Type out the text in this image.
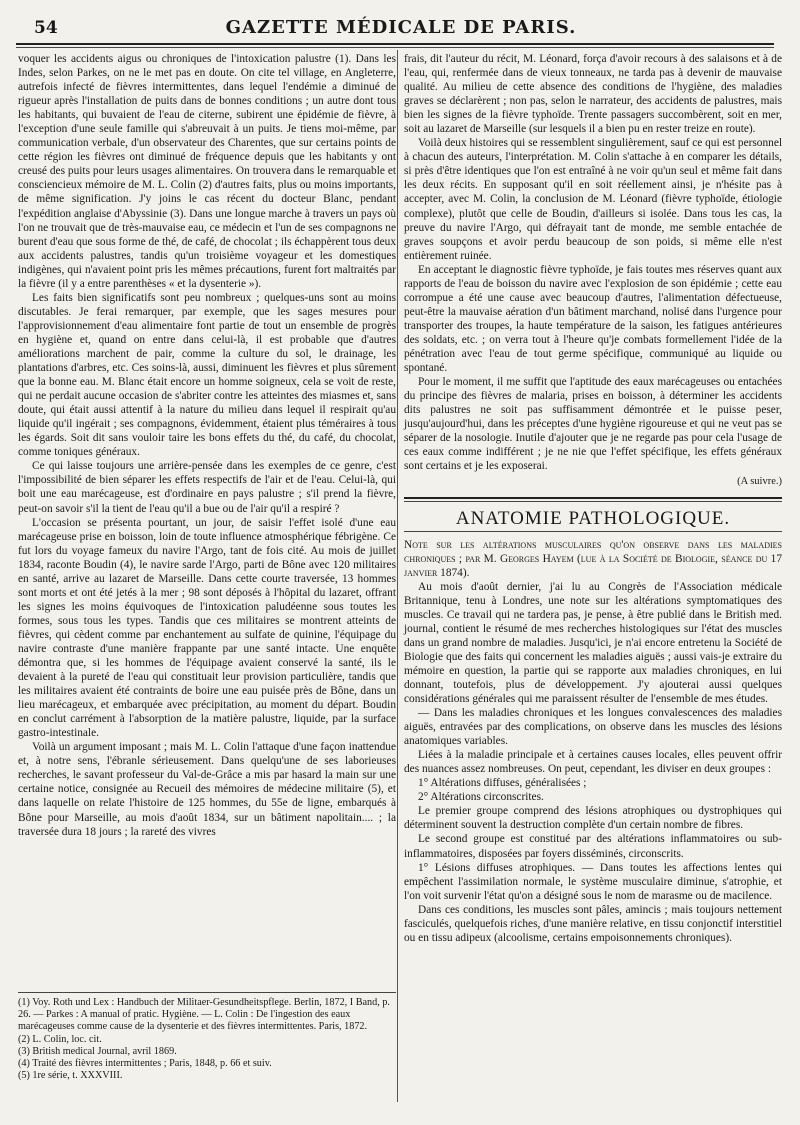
54	GAZETTE MÉDICALE DE PARIS.

voquer les accidents aigus ou chroniques de l'intoxication palustre (1). Dans les Indes, selon Parkes, on ne le met pas en doute. On cite tel village, en Angleterre, autrefois infecté de fièvres intermittentes, dans lequel l'endémie a diminué de rigueur après l'installation de puits dans de bonnes conditions ; un autre dont tous les habitants, qui buvaient de l'eau de citerne, subirent une épidémie de fièvre, à l'exception d'une seule famille qui s'abreuvait à un puits. Je tiens moi-même, par communication verbale, d'un observateur des Charentes, que sur certains points de cette région les fièvres ont diminué de fréquence depuis que les habitants y ont creusé des puits pour leurs usages alimentaires. On trouvera dans le remarquable et consciencieux mémoire de M. L. Colin (2) d'autres faits, plus ou moins importants, de même signification. J'y joins le cas récent du docteur Blanc, pendant l'expédition anglaise d'Abyssinie (3). Dans une longue marche à travers un pays où l'on ne trouvait que de très-mauvaise eau, ce médecin et l'un de ses compagnons ne burent d'eau que sous forme de thé, de café, de chocolat ; ils échappèrent tous deux aux accidents palustres, tandis qu'un troisième voyageur et les domestiques indigènes, qui n'avaient point pris les mêmes précautions, furent fort maltraités par la fièvre (il y a entre parenthèses « et la dysenterie »).

Les faits bien significatifs sont peu nombreux ; quelques-uns sont au moins discutables. Je ferai remarquer, par exemple, que les sages mesures pour l'approvisionnement d'eau alimentaire font partie de tout un ensemble de progrès en hygiène et, quand on entre dans celui-là, il est probable que d'autres améliorations marchent de pair, comme la culture du sol, le drainage, les plantations d'arbres, etc. Ces soins-là, aussi, diminuent les fièvres et plus sûrement que la bonne eau. M. Blanc était encore un homme soigneux, cela se voit de reste, qui ne perdait aucune occasion de s'abriter contre les atteintes des miasmes et, sans doute, qui était aussi attentif à la nature du milieu dans lequel il respirait qu'au liquide qu'il ingérait ; ses compagnons, évidemment, étaient plus téméraires à tous les égards. Soit dit sans vouloir taire les bons effets du thé, du café, du chocolat, comme toniques généraux.

Ce qui laisse toujours une arrière-pensée dans les exemples de ce genre, c'est l'impossibilité de bien séparer les effets respectifs de l'air et de l'eau. Celui-là, qui boit une eau marécageuse, est d'ordinaire en pays palustre ; s'il prend la fièvre, peut-on savoir s'il la tient de l'eau qu'il a bue ou de l'air qu'il a respiré ?

L'occasion se présenta pourtant, un jour, de saisir l'effet isolé d'une eau marécageuse prise en boisson, loin de toute influence atmosphérique fébrigène. Ce fut lors du voyage fameux du navire l'Argo, tant de fois cité. Au mois de juillet 1834, raconte Boudin (4), le navire sarde l'Argo, parti de Bône avec 120 militaires en santé, arrive au lazaret de Marseille. Dans cette courte traversée, 13 hommes sont morts et ont été jetés à la mer ; 98 sont déposés à l'hôpital du lazaret, offrant les signes les moins équivoques de l'intoxication paludéenne sous toutes les formes, sous tous les types. Tandis que ces militaires se montrent atteints de fièvres, qui cèdent comme par enchantement au sulfate de quinine, l'équipage du navire contraste d'une manière frappante par une santé intacte. Une enquête démontra que, si les hommes de l'équipage avaient conservé la santé, ils le devaient à la pureté de l'eau qui constituait leur provision particulière, tandis que les militaires avaient été contraints de boire une eau puisée près de Bône, dans un lieu marécageux, et embarquée avec précipitation, au moment du départ. Boudin en conclut carrément à l'absorption de la matière palustre, liquide, par la surface gastro-intestinale.

Voilà un argument imposant ; mais M. L. Colin l'attaque d'une façon inattendue et, à notre sens, l'ébranle sérieusement. Dans quelqu'une de ses laborieuses recherches, le savant professeur du Val-de-Grâce a mis par hasard la main sur une certaine notice, consignée au Recueil des mémoires de médecine militaire (5), et dans laquelle on relate l'histoire de 125 hommes, du 55e de ligne, embarqués à Bône pour Marseille, au mois d'août 1834, sur un bâtiment napolitain.... ; la traversée dura 18 jours ; la rareté des vivres

(1) Voy. Roth und Lex : Handbuch der Militaer-Gesundheitspflege. Berlin, 1872, I Band, p. 26. — Parkes : A manual of pratic. Hygiène. — L. Colin : De l'ingestion des eaux marécageuses comme cause de la dysenterie et des fièvres intermittentes. Paris, 1872.
(2) L. Colin, loc. cit.
(3) British medical Journal, avril 1869.
(4) Traité des fièvres intermittentes ; Paris, 1848, p. 66 et suiv.
(5) 1re série, t. XXXVIII.

frais, dit l'auteur du récit, M. Léonard, força d'avoir recours à des salaisons et à de l'eau, qui, renfermée dans de vieux tonneaux, ne tarda pas à devenir de mauvaise qualité. Au milieu de cette absence des conditions de l'hygiène, des maladies graves se déclarèrent ; non pas, selon le narrateur, des accidents de palustres, mais bien les signes de la fièvre typhoïde. Trente passagers succombèrent, soit en mer, soit au lazaret de Marseille (sur lesquels il a bien pu en rester treize en route).

Voilà deux histoires qui se ressemblent singulièrement, sauf ce qui est personnel à chacun des auteurs, l'interprétation. M. Colin s'attache à en comparer les détails, si près d'être identiques que l'on est entraîné à ne voir qu'un seul et même fait dans les deux récits. En supposant qu'il en soit réellement ainsi, je n'hésite pas à accepter, avec M. Colin, la conclusion de M. Léonard (fièvre typhoïde, étiologie complexe), plutôt que celle de Boudin, d'ailleurs si isolée. Dans tous les cas, la preuve du navire l'Argo, qui défrayait tant de monde, me semble entachée de graves soupçons et avoir perdu beaucoup de son poids, si même elle n'est entièrement ruinée.

En acceptant le diagnostic fièvre typhoïde, je fais toutes mes réserves quant aux rapports de l'eau de boisson du navire avec l'explosion de son épidémie ; cette eau corrompue a été une cause avec beaucoup d'autres, l'alimentation défectueuse, peut-être la mauvaise aération d'un bâtiment marchand, nolisé dans l'urgence pour transporter des troupes, la haute température de la saison, les fatigues antérieures des soldats, etc. ; on verra tout à l'heure qu'je combats formellement l'idée de la pénétration avec l'eau de tout germe spécifique, communiqué au liquide ou spontané.

Pour le moment, il me suffit que l'aptitude des eaux marécageuses ou entachées du principe des fièvres de malaria, prises en boisson, à déterminer les accidents dits palustres ne soit pas suffisamment démontrée et le puisse peser, jusqu'aujourd'hui, dans les préceptes d'une hygiène rigoureuse et qui ne veut pas se séparer de la nosologie. Inutile d'ajouter que je ne regarde pas pour cela l'usage de ces eaux comme indifférent ; je ne nie que l'effet spécifique, les effets généraux sont certains et je les exposerai.

(A suivre.)
ANATOMIE PATHOLOGIQUE.

Note sur les altérations musculaires qu'on observe dans les maladies chroniques ; par M. Georges Hayem (lue à la Société de Biologie, séance du 17 janvier 1874).

Au mois d'août dernier, j'ai lu au Congrès de l'Association médicale Britannique, tenu à Londres, une note sur les altérations symptomatiques des muscles. Ce travail qui ne tardera pas, je pense, à être publié dans le British med. journal, contient le résumé de mes recherches histologiques sur l'état des muscles dans un grand nombre de maladies. Jusqu'ici, je n'ai encore entretenu la Société de Biologie que des faits qui concernent les maladies aiguës ; aussi vais-je extraire du mémoire en question, la partie qui se rapporte aux maladies chroniques, en lui donnant, toutefois, plus de développement. J'y ajouterai aussi quelques considérations générales qui me paraissent résulter de l'ensemble de mes études.

— Dans les maladies chroniques et les longues convalescences des maladies aiguës, entravées par des complications, on observe dans les muscles des lésions anatomiques variables.

Liées à la maladie principale et à certaines causes locales, elles peuvent offrir des nuances assez nombreuses. On peut, cependant, les diviser en deux groupes :

1° Altérations diffuses, généralisées ;

2° Altérations circonscrites.

Le premier groupe comprend des lésions atrophiques ou dystrophiques qui déterminent souvent la destruction complète d'un certain nombre de fibres.

Le second groupe est constitué par des altérations inflammatoires ou sub-inflammatoires, disposées par foyers disséminés, circonscrits.

1° Lésions diffuses atrophiques. — Dans toutes les affections lentes qui empêchent l'assimilation normale, le système musculaire diminue, s'atrophie, et l'on voit survenir l'état qu'on a désigné sous le nom de marasme ou de macilence.

Dans ces conditions, les muscles sont pâles, amincis ; mais toujours nettement fasciculés, quelquefois riches, d'une manière relative, en tissu conjonctif interstitiel ou en tissu adipeux (alcoolisme, certains empoisonnements chroniques).
